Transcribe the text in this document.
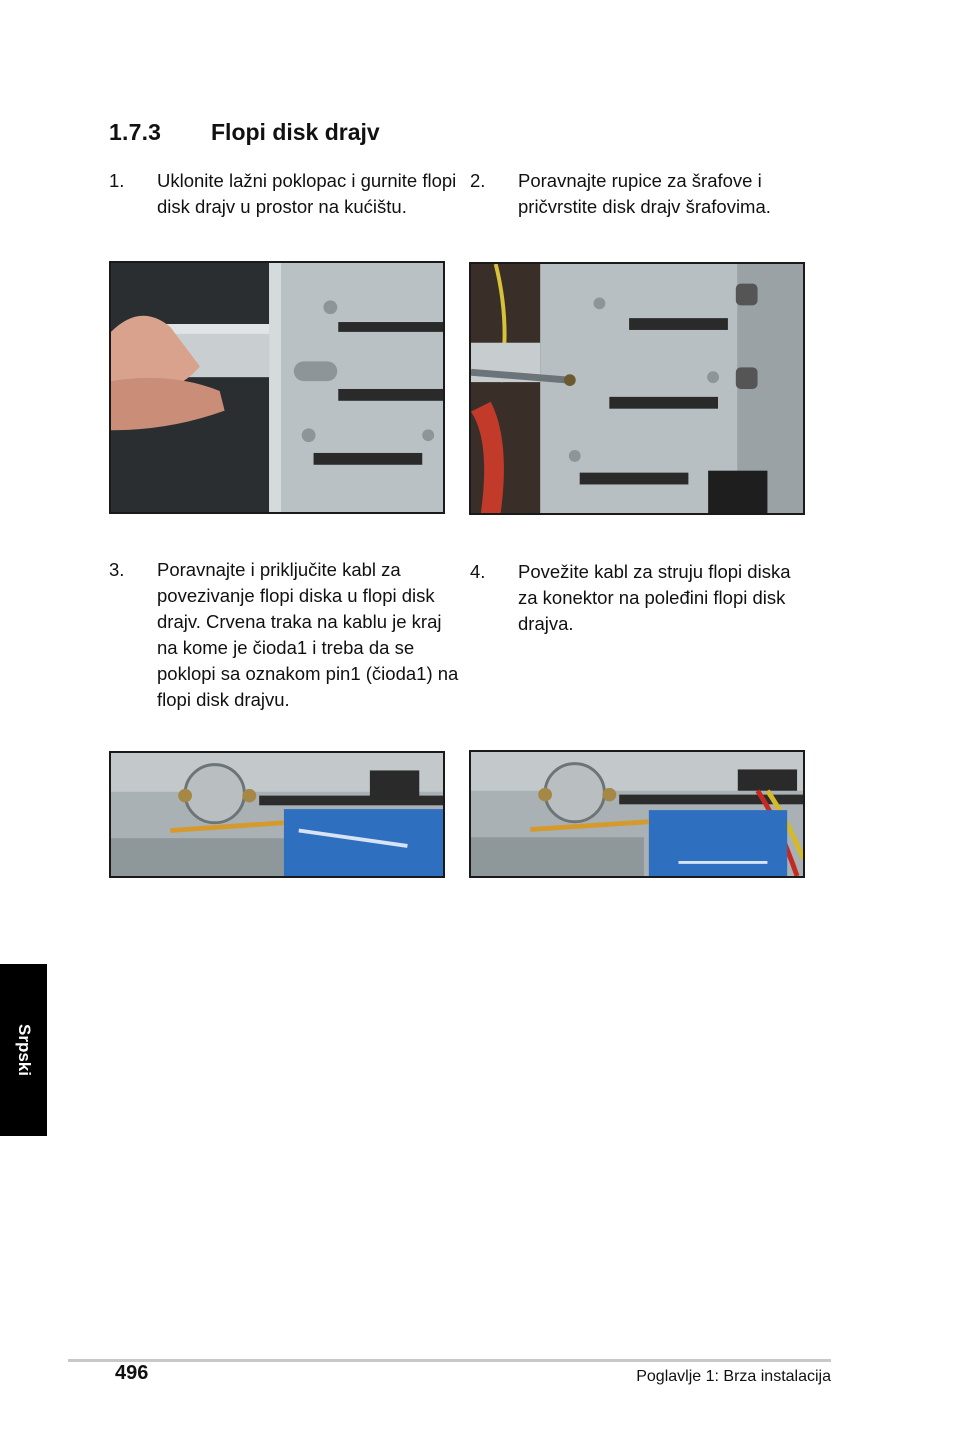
1.7.3 Flopi disk drajv
1. Uklonite lažni poklopac i gurnite flopi disk drajv u prostor na kućištu.
2. Poravnajte rupice za šrafove i pričvrstite disk drajv šrafovima.
3. Poravnajte i priključite kabl za povezivanje flopi diska u flopi disk drajv. Crvena traka na kablu je kraj na kome je čioda1 i treba da se poklopi sa oznakom pin1 (čioda1) na flopi disk drajvu.
4. Povežite kabl za struju flopi diska za konektor na poleđini flopi disk drajva.
Srpski
496	Poglavlje 1: Brza instalacija
